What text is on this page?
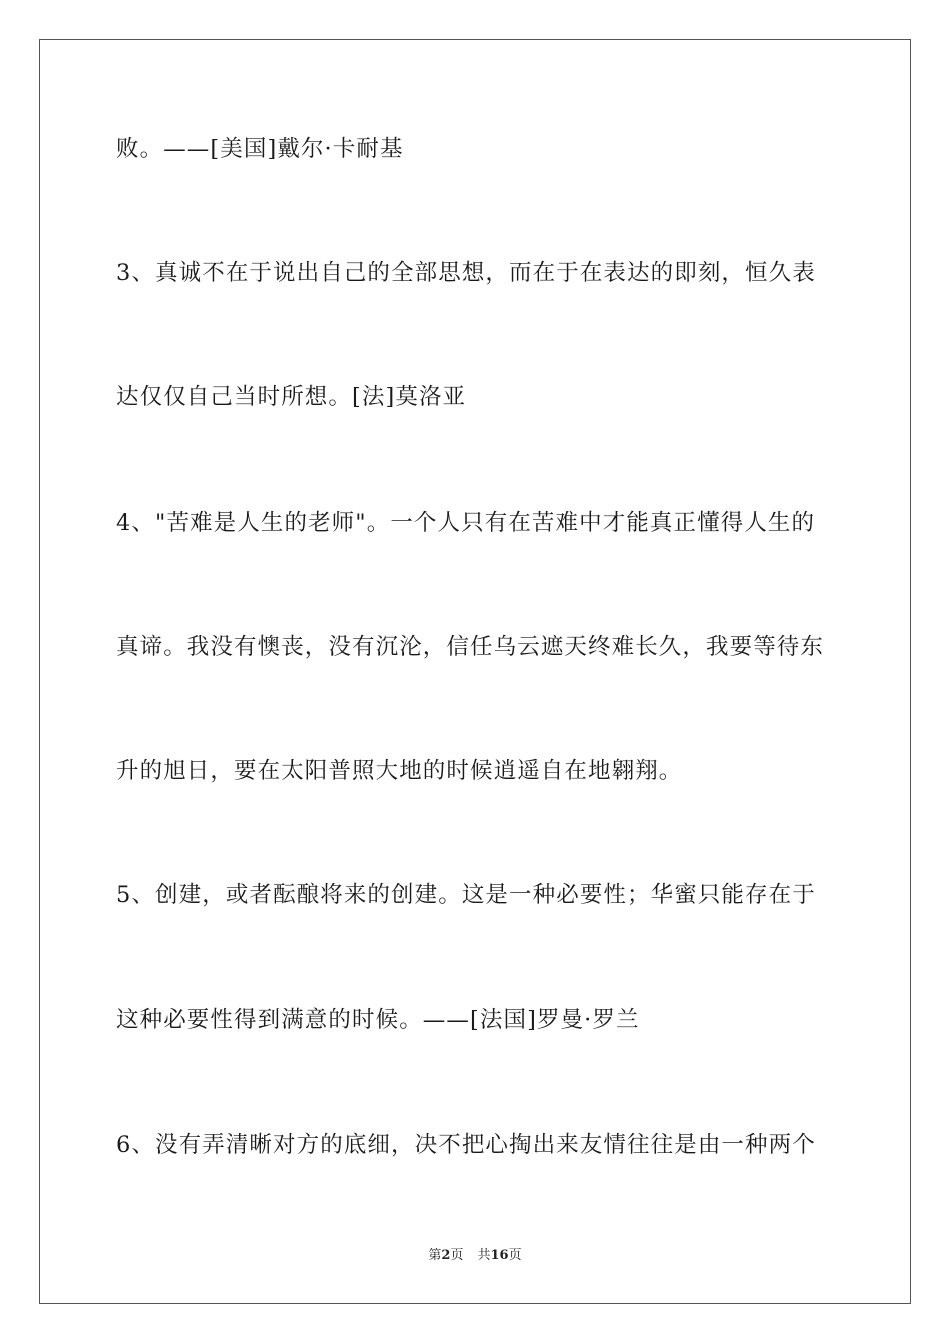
败。——[美国]戴尔·卡耐基
3、真诚不在于说出自己的全部思想，而在于在表达的即刻，恒久表
达仅仅自己当时所想。[法]莫洛亚
4、"苦难是人生的老师"。一个人只有在苦难中才能真正懂得人生的
真谛。我没有懊丧，没有沉沦，信任乌云遮天终难长久，我要等待东
升的旭日，要在太阳普照大地的时候逍遥自在地翱翔。
5、创建，或者酝酿将来的创建。这是一种必要性；华蜜只能存在于
这种必要性得到满意的时候。——[法国]罗曼·罗兰
6、没有弄清晰对方的底细，决不把心掏出来友情往往是由一种两个
第2页 共16页
